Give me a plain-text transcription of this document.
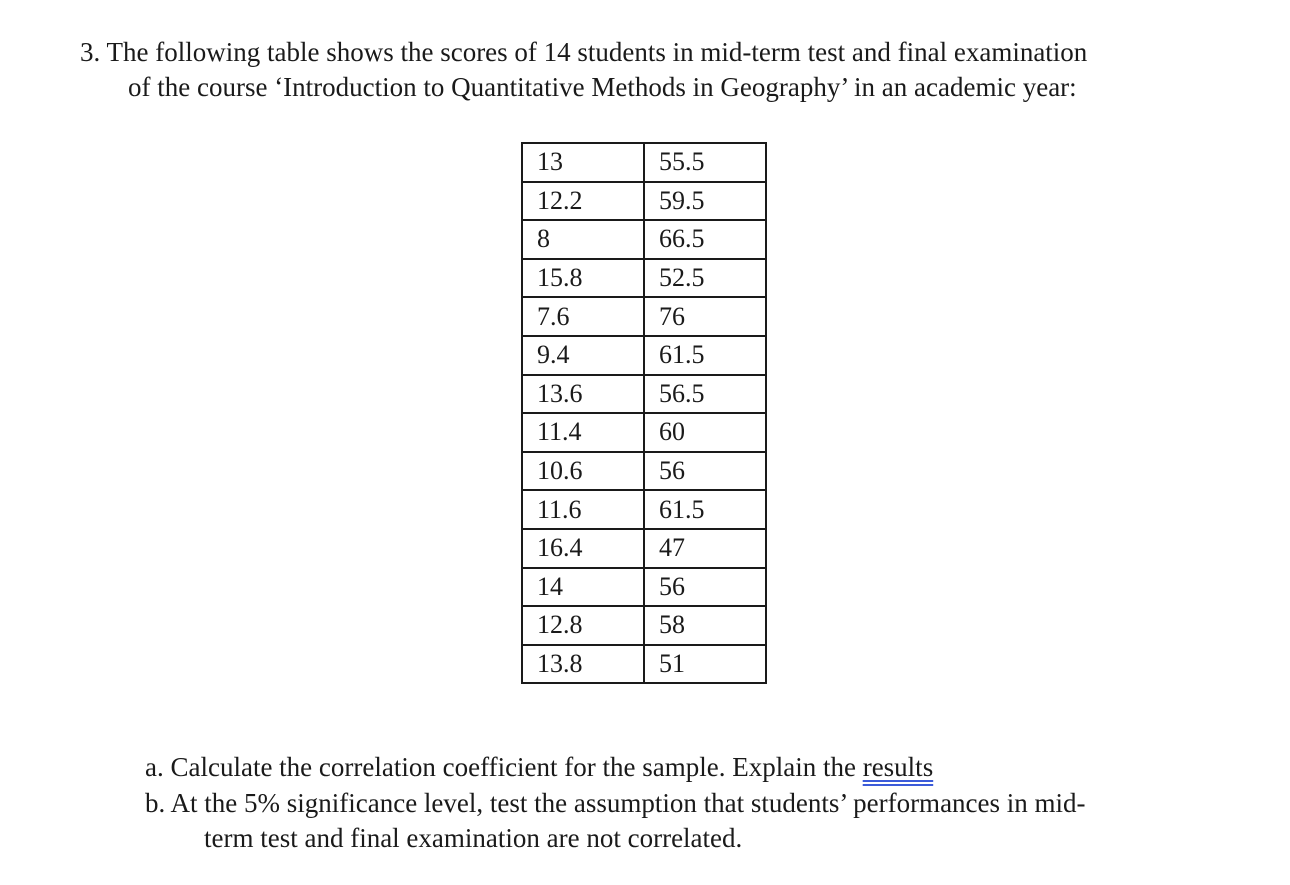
3. The following table shows the scores of 14 students in mid-term test and final examination
of the course ‘Introduction to Quantitative Methods in Geography’ in an academic year:
13	55.5
12.2	59.5
8	66.5
15.8	52.5
7.6	76
9.4	61.5
13.6	56.5
11.4	60
10.6	56
11.6	61.5
16.4	47
14	56
12.8	58
13.8	51
a. Calculate the correlation coefficient for the sample. Explain the results
b. At the 5% significance level, test the assumption that students’ performances in mid-
term test and final examination are not correlated.
